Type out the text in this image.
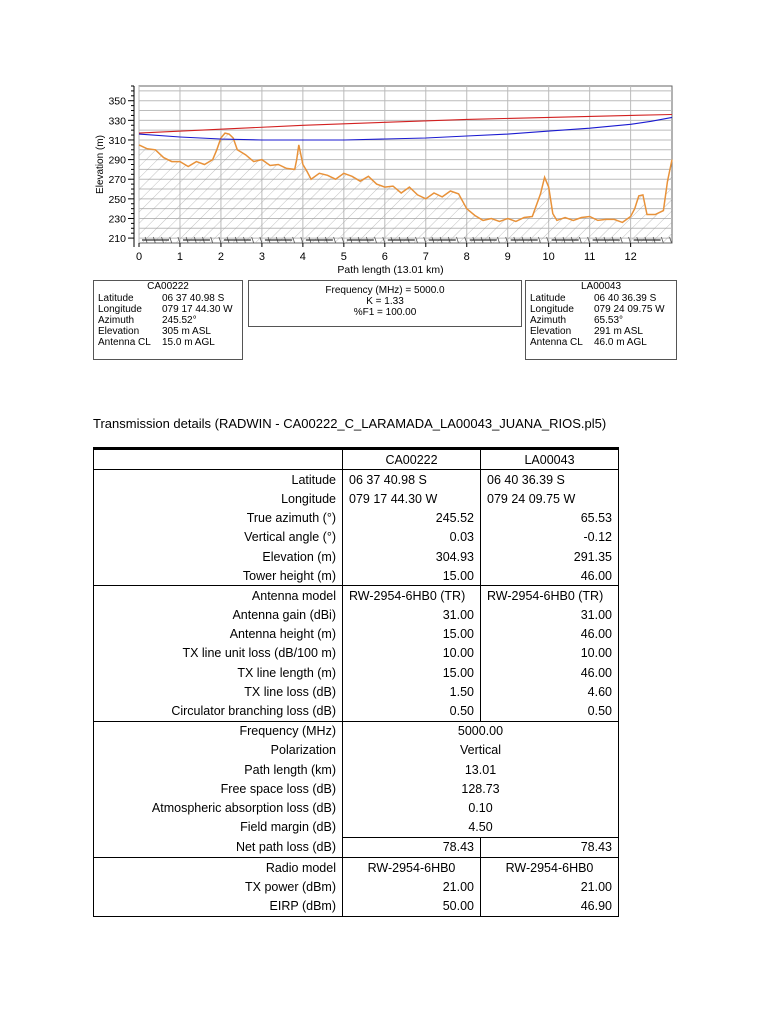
210
230
250
270
290
310
330
350
Elevation (m)
0	1	2	3	4	5	6	7	8	9	10	11	12
Path length (13.01 km)
CA00222
Latitude	06 37 40.98 S
Longitude	079 17 44.30 W
Azimuth	245.52°
Elevation	305 m ASL
Antenna CL	15.0 m AGL
Frequency (MHz) = 5000.0
K = 1.33
%F1 = 100.00
LA00043
Latitude	06 40 36.39 S
Longitude	079 24 09.75 W
Azimuth	65.53°
Elevation	291 m ASL
Antenna CL	46.0 m AGL
Transmission details (RADWIN - CA00222_C_LARAMADA_LA00043_JUANA_RIOS.pl5)
	CA00222	LA00043
Latitude	06 37 40.98 S	06 40 36.39 S
Longitude	079 17 44.30 W	079 24 09.75 W
True azimuth (°)	245.52	65.53
Vertical angle (°)	0.03	-0.12
Elevation (m)	304.93	291.35
Tower height (m)	15.00	46.00
Antenna model	RW-2954-6HB0 (TR)	RW-2954-6HB0 (TR)
Antenna gain (dBi)	31.00	31.00
Antenna height (m)	15.00	46.00
TX line unit loss (dB/100 m)	10.00	10.00
TX line length (m)	15.00	46.00
TX line loss (dB)	1.50	4.60
Circulator branching loss (dB)	0.50	0.50
Frequency (MHz)	5000.00	
Polarization	Vertical	
Path length (km)	13.01	
Free space loss (dB)	128.73	
Atmospheric absorption loss (dB)	0.10	
Field margin (dB)	4.50	
Net path loss (dB)	78.43	78.43
Radio model	RW-2954-6HB0	RW-2954-6HB0
TX power (dBm)	21.00	21.00
EIRP (dBm)	50.00	46.90
